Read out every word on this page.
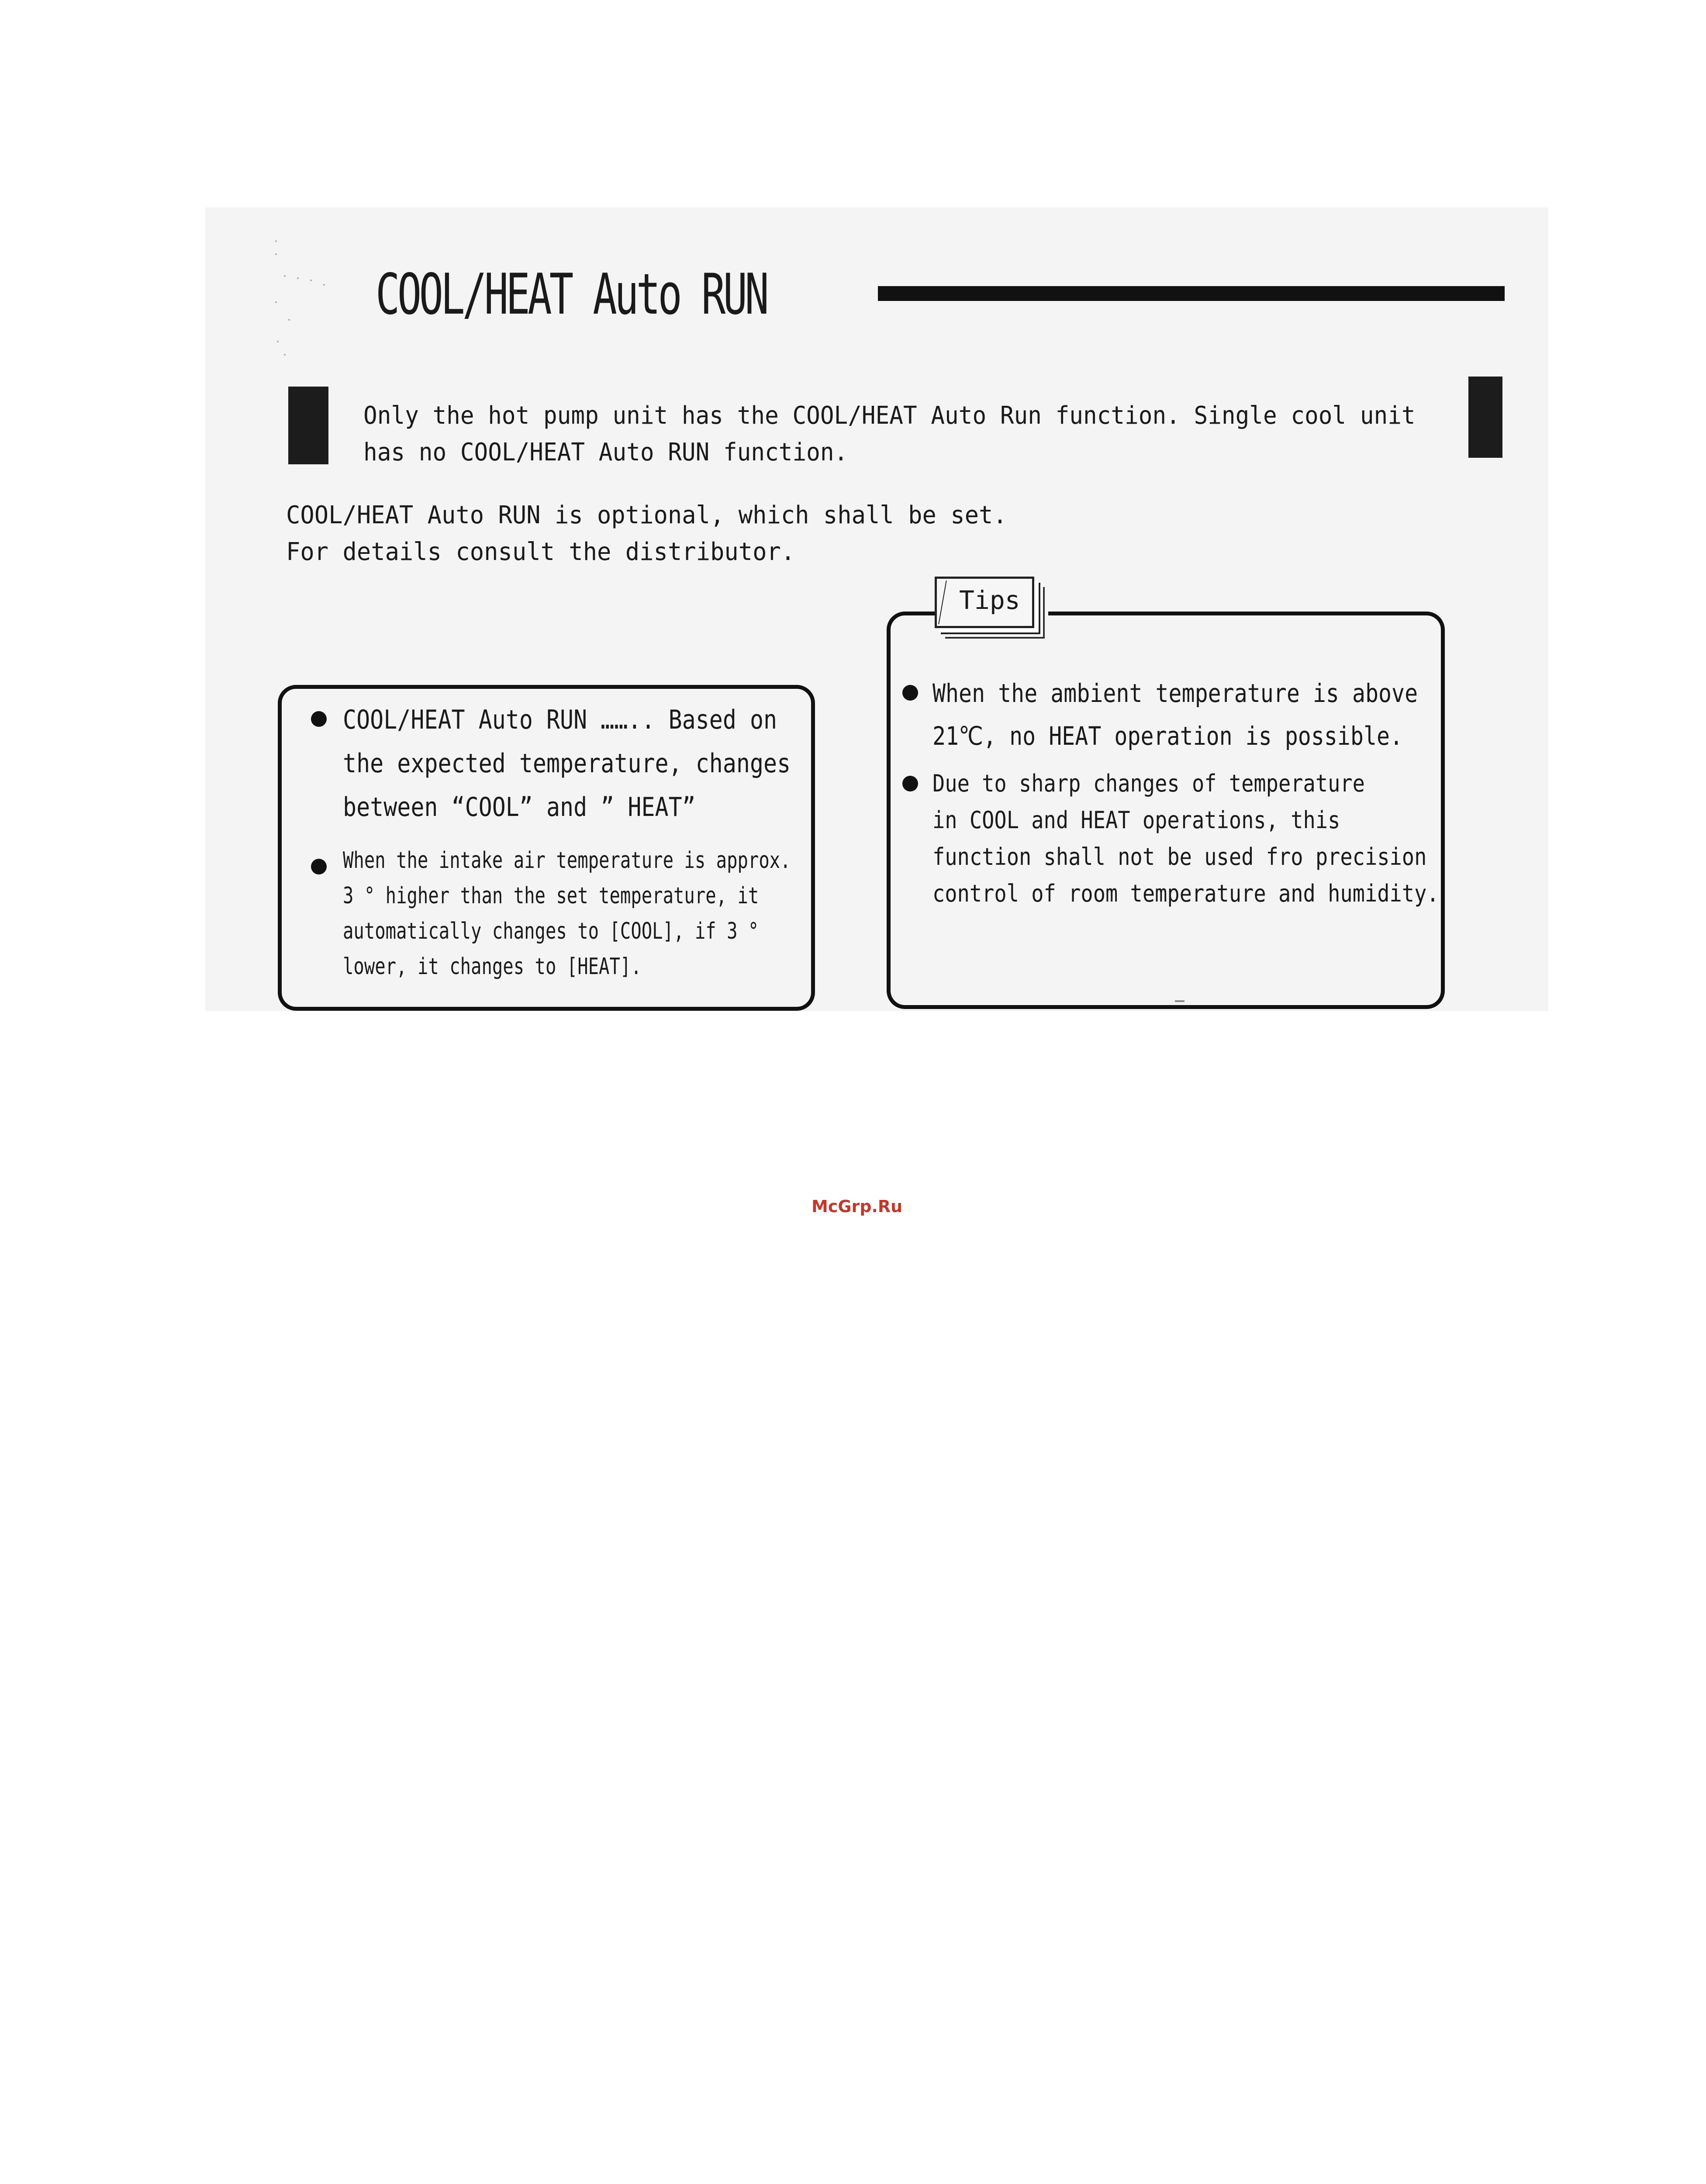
COOL/HEAT Auto RUN
Only the hot pump unit has the COOL/HEAT Auto Run function. Single cool unit
has no COOL/HEAT Auto RUN function.
COOL/HEAT Auto RUN is optional, which shall be set.
For details consult the distributor.
COOL/HEAT Auto RUN …….. Based on
the expected temperature, changes
between “COOL” and ” HEAT”
When the intake air temperature is approx.
3 ° higher than the set temperature, it
automatically changes to [COOL], if 3 °
lower, it changes to [HEAT].
Tips
When the ambient temperature is above
21℃, no HEAT operation is possible.
Due to sharp changes of temperature
in COOL and HEAT operations, this
function shall not be used fro precision
control of room temperature and humidity.
McGrp.Ru
